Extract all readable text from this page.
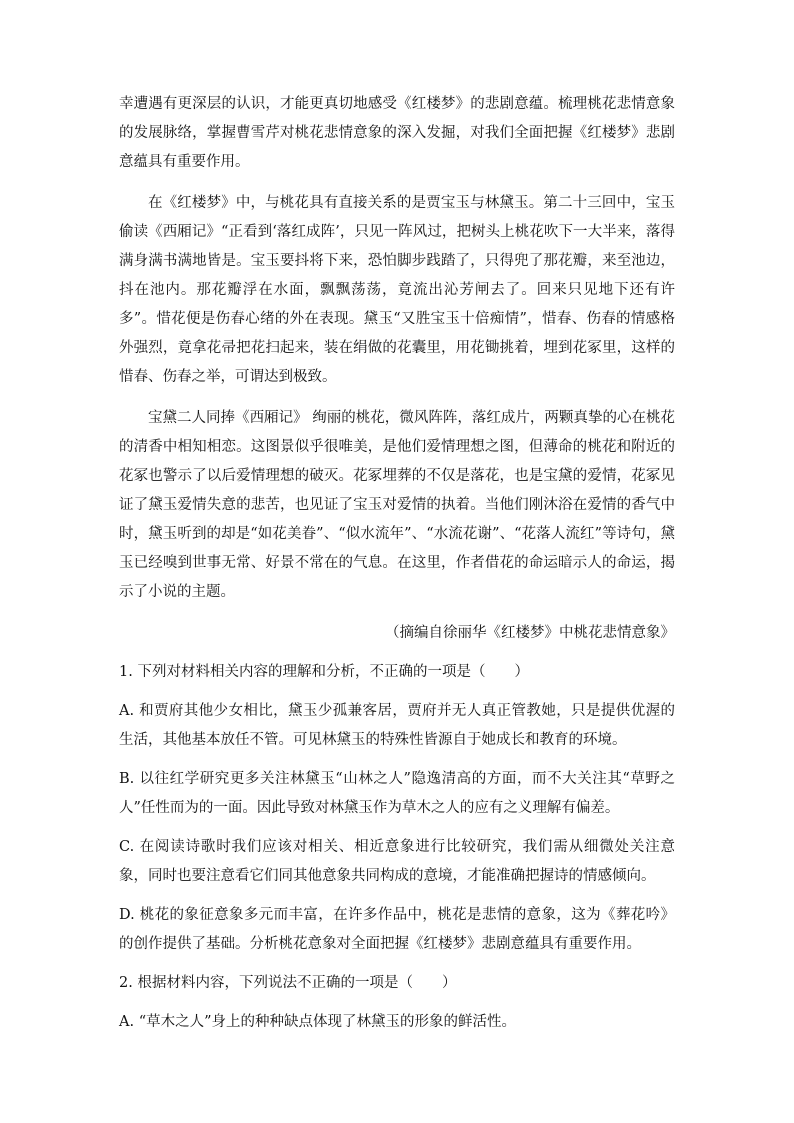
幸遭遇有更深层的认识，才能更真切地感受《红楼梦》的悲剧意蕴。梳理桃花悲情意象的发展脉络，掌握曹雪芹对桃花悲情意象的深入发掘，对我们全面把握《红楼梦》悲剧意蕴具有重要作用。

在《红楼梦》中，与桃花具有直接关系的是贾宝玉与林黛玉。第二十三回中，宝玉偷读《西厢记》“正看到‘落红成阵’，只见一阵风过，把树头上桃花吹下一大半来，落得满身满书满地皆是。宝玉要抖将下来，恐怕脚步践踏了，只得兜了那花瓣，来至池边，抖在池内。那花瓣浮在水面，飘飘荡荡，竟流出沁芳闸去了。回来只见地下还有许多”。惜花便是伤春心绪的外在表现。黛玉“又胜宝玉十倍痴情”，惜春、伤春的情感格外强烈，竟拿花帚把花扫起来，装在绢做的花囊里，用花锄挑着，埋到花冢里，这样的惜春、伤春之举，可谓达到极致。

宝黛二人同捧《西厢记》 绚丽的桃花，微风阵阵，落红成片，两颗真挚的心在桃花的清香中相知相恋。这图景似乎很唯美，是他们爱情理想之图，但薄命的桃花和附近的花冢也警示了以后爱情理想的破灭。花冢埋葬的不仅是落花，也是宝黛的爱情，花冢见证了黛玉爱情失意的悲苦，也见证了宝玉对爱情的执着。当他们刚沐浴在爱情的香气中时，黛玉听到的却是“如花美眷”、“似水流年”、“水流花谢”、“花落人流红”等诗句，黛玉已经嗅到世事无常、好景不常在的气息。在这里，作者借花的命运暗示人的命运，揭示了小说的主题。

（摘编自徐丽华《红楼梦》中桃花悲情意象》

1. 下列对材料相关内容的理解和分析，不正确的一项是（　　）

A. 和贾府其他少女相比，黛玉少孤兼客居，贾府并无人真正管教她，只是提供优渥的生活，其他基本放任不管。可见林黛玉的特殊性皆源自于她成长和教育的环境。

B. 以往红学研究更多关注林黛玉“山林之人”隐逸清高的方面，而不大关注其“草野之人”任性而为的一面。因此导致对林黛玉作为草木之人的应有之义理解有偏差。

C. 在阅读诗歌时我们应该对相关、相近意象进行比较研究，我们需从细微处关注意象，同时也要注意看它们同其他意象共同构成的意境，才能准确把握诗的情感倾向。

D. 桃花的象征意象多元而丰富，在许多作品中，桃花是悲情的意象，这为《葬花吟》的创作提供了基础。分析桃花意象对全面把握《红楼梦》悲剧意蕴具有重要作用。

2. 根据材料内容，下列说法不正确的一项是（　　）

A. “草木之人”身上的种种缺点体现了林黛玉的形象的鲜活性。
